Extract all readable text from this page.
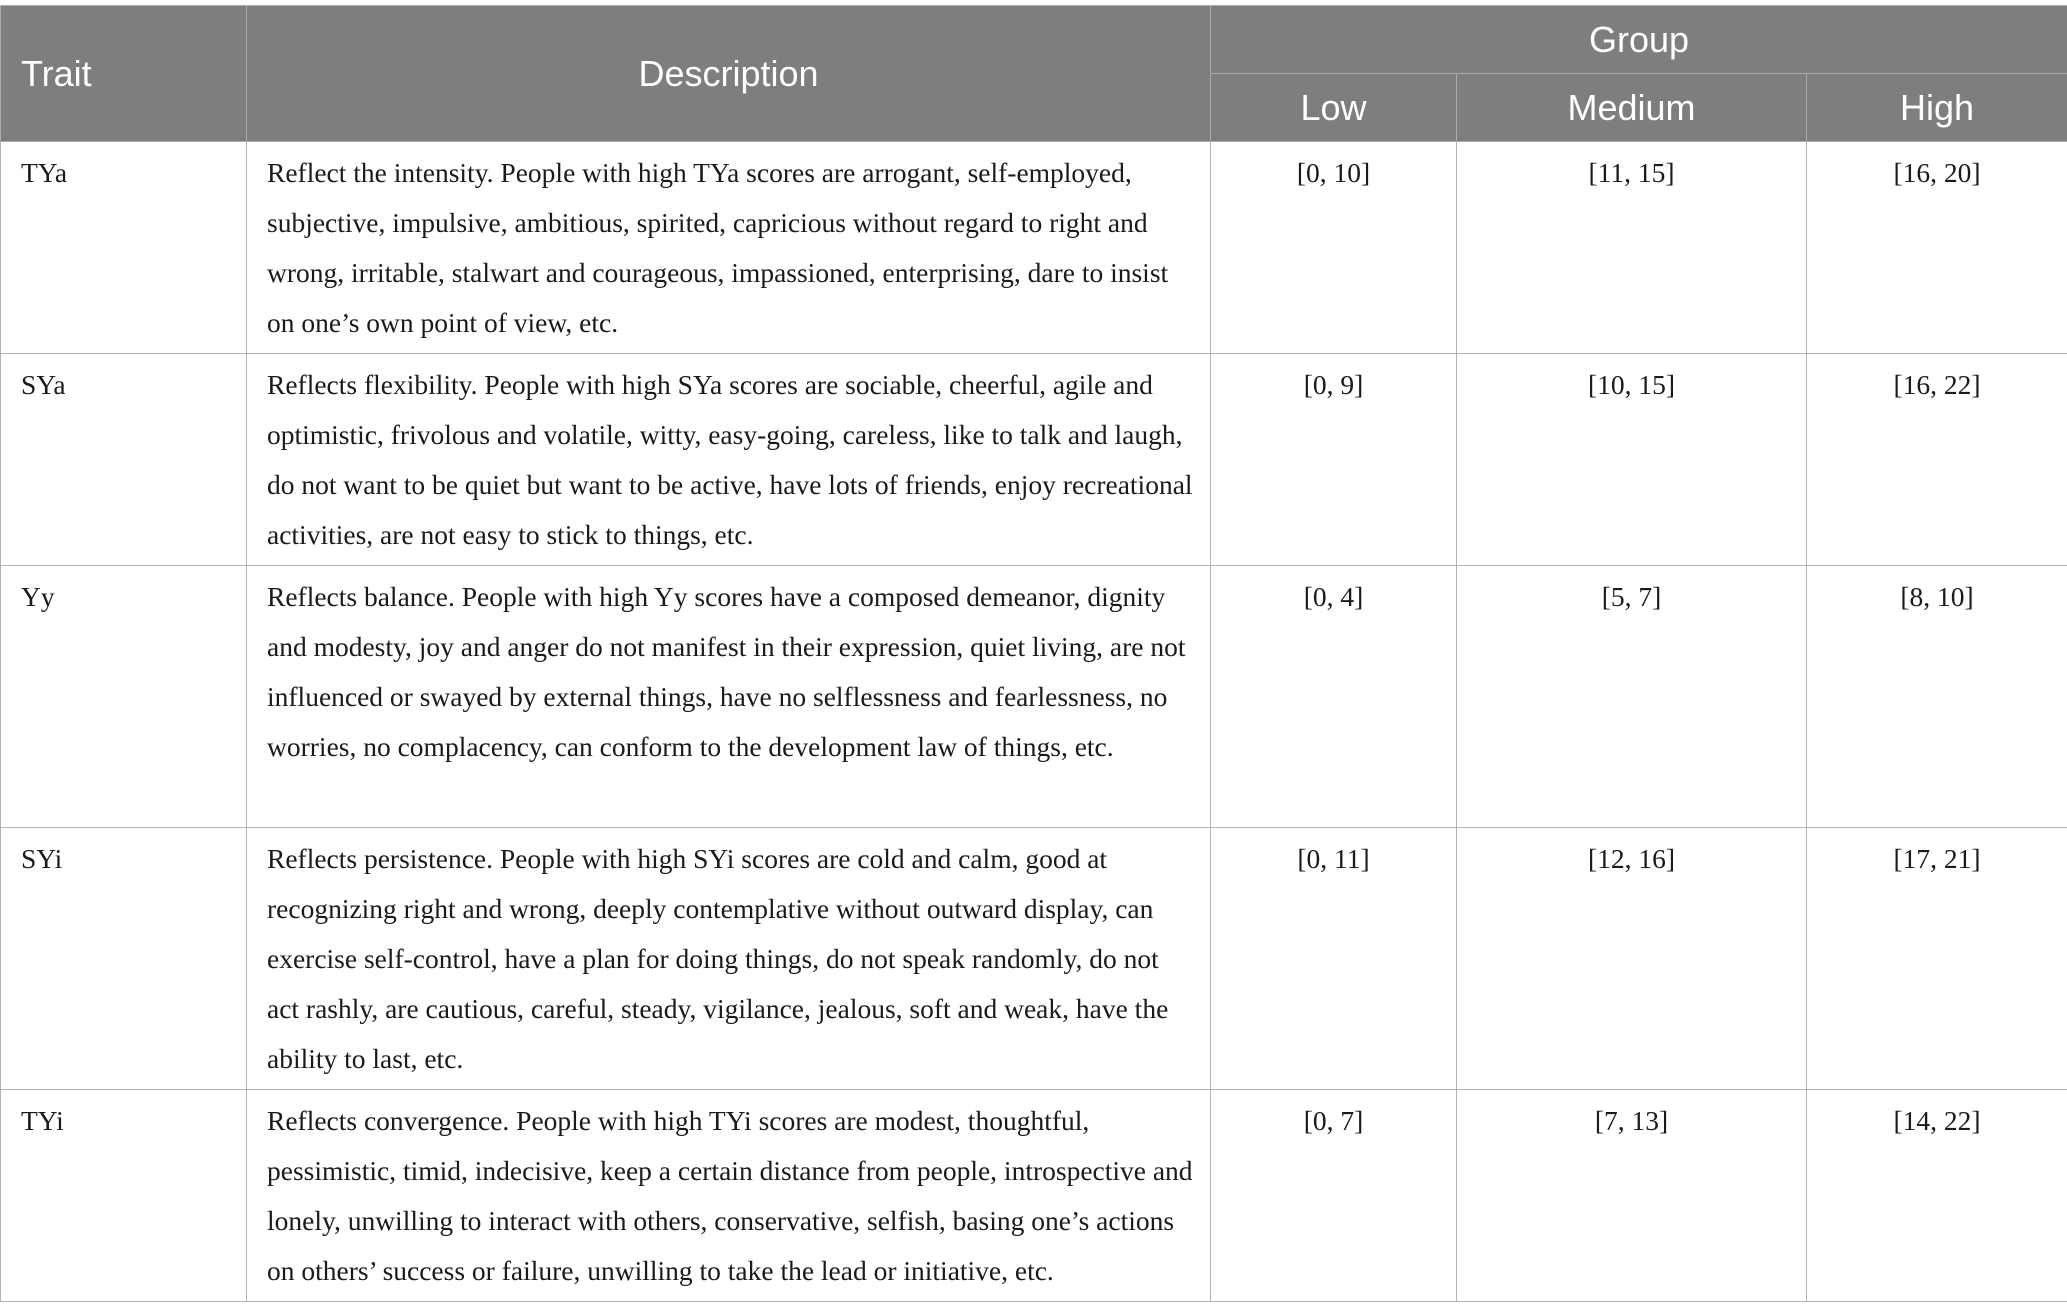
Trait	Description	Group		
		Low	Medium	High
TYa	Reflect the intensity. People with high TYa scores are arrogant, self-employed, subjective, impulsive, ambitious, spirited, capricious without regard to right and wrong, irritable, stalwart and courageous, impassioned, enterprising, dare to insist on one’s own point of view, etc.	[0, 10]	[11, 15]	[16, 20]
SYa	Reflects flexibility. People with high SYa scores are sociable, cheerful, agile and optimistic, frivolous and volatile, witty, easy-going, careless, like to talk and laugh, do not want to be quiet but want to be active, have lots of friends, enjoy recreational activities, are not easy to stick to things, etc.	[0, 9]	[10, 15]	[16, 22]
Yy	Reflects balance. People with high Yy scores have a composed demeanor, dignity and modesty, joy and anger do not manifest in their expression, quiet living, are not influenced or swayed by external things, have no selflessness and fearlessness, no worries, no complacency, can conform to the development law of things, etc.	[0, 4]	[5, 7]	[8, 10]
SYi	Reflects persistence. People with high SYi scores are cold and calm, good at recognizing right and wrong, deeply contemplative without outward display, can exercise self-control, have a plan for doing things, do not speak randomly, do not act rashly, are cautious, careful, steady, vigilance, jealous, soft and weak, have the ability to last, etc.	[0, 11]	[12, 16]	[17, 21]
TYi	Reflects convergence. People with high TYi scores are modest, thoughtful, pessimistic, timid, indecisive, keep a certain distance from people, introspective and lonely, unwilling to interact with others, conservative, selfish, basing one’s actions on others’ success or failure, unwilling to take the lead or initiative, etc.	[0, 7]	[7, 13]	[14, 22]
